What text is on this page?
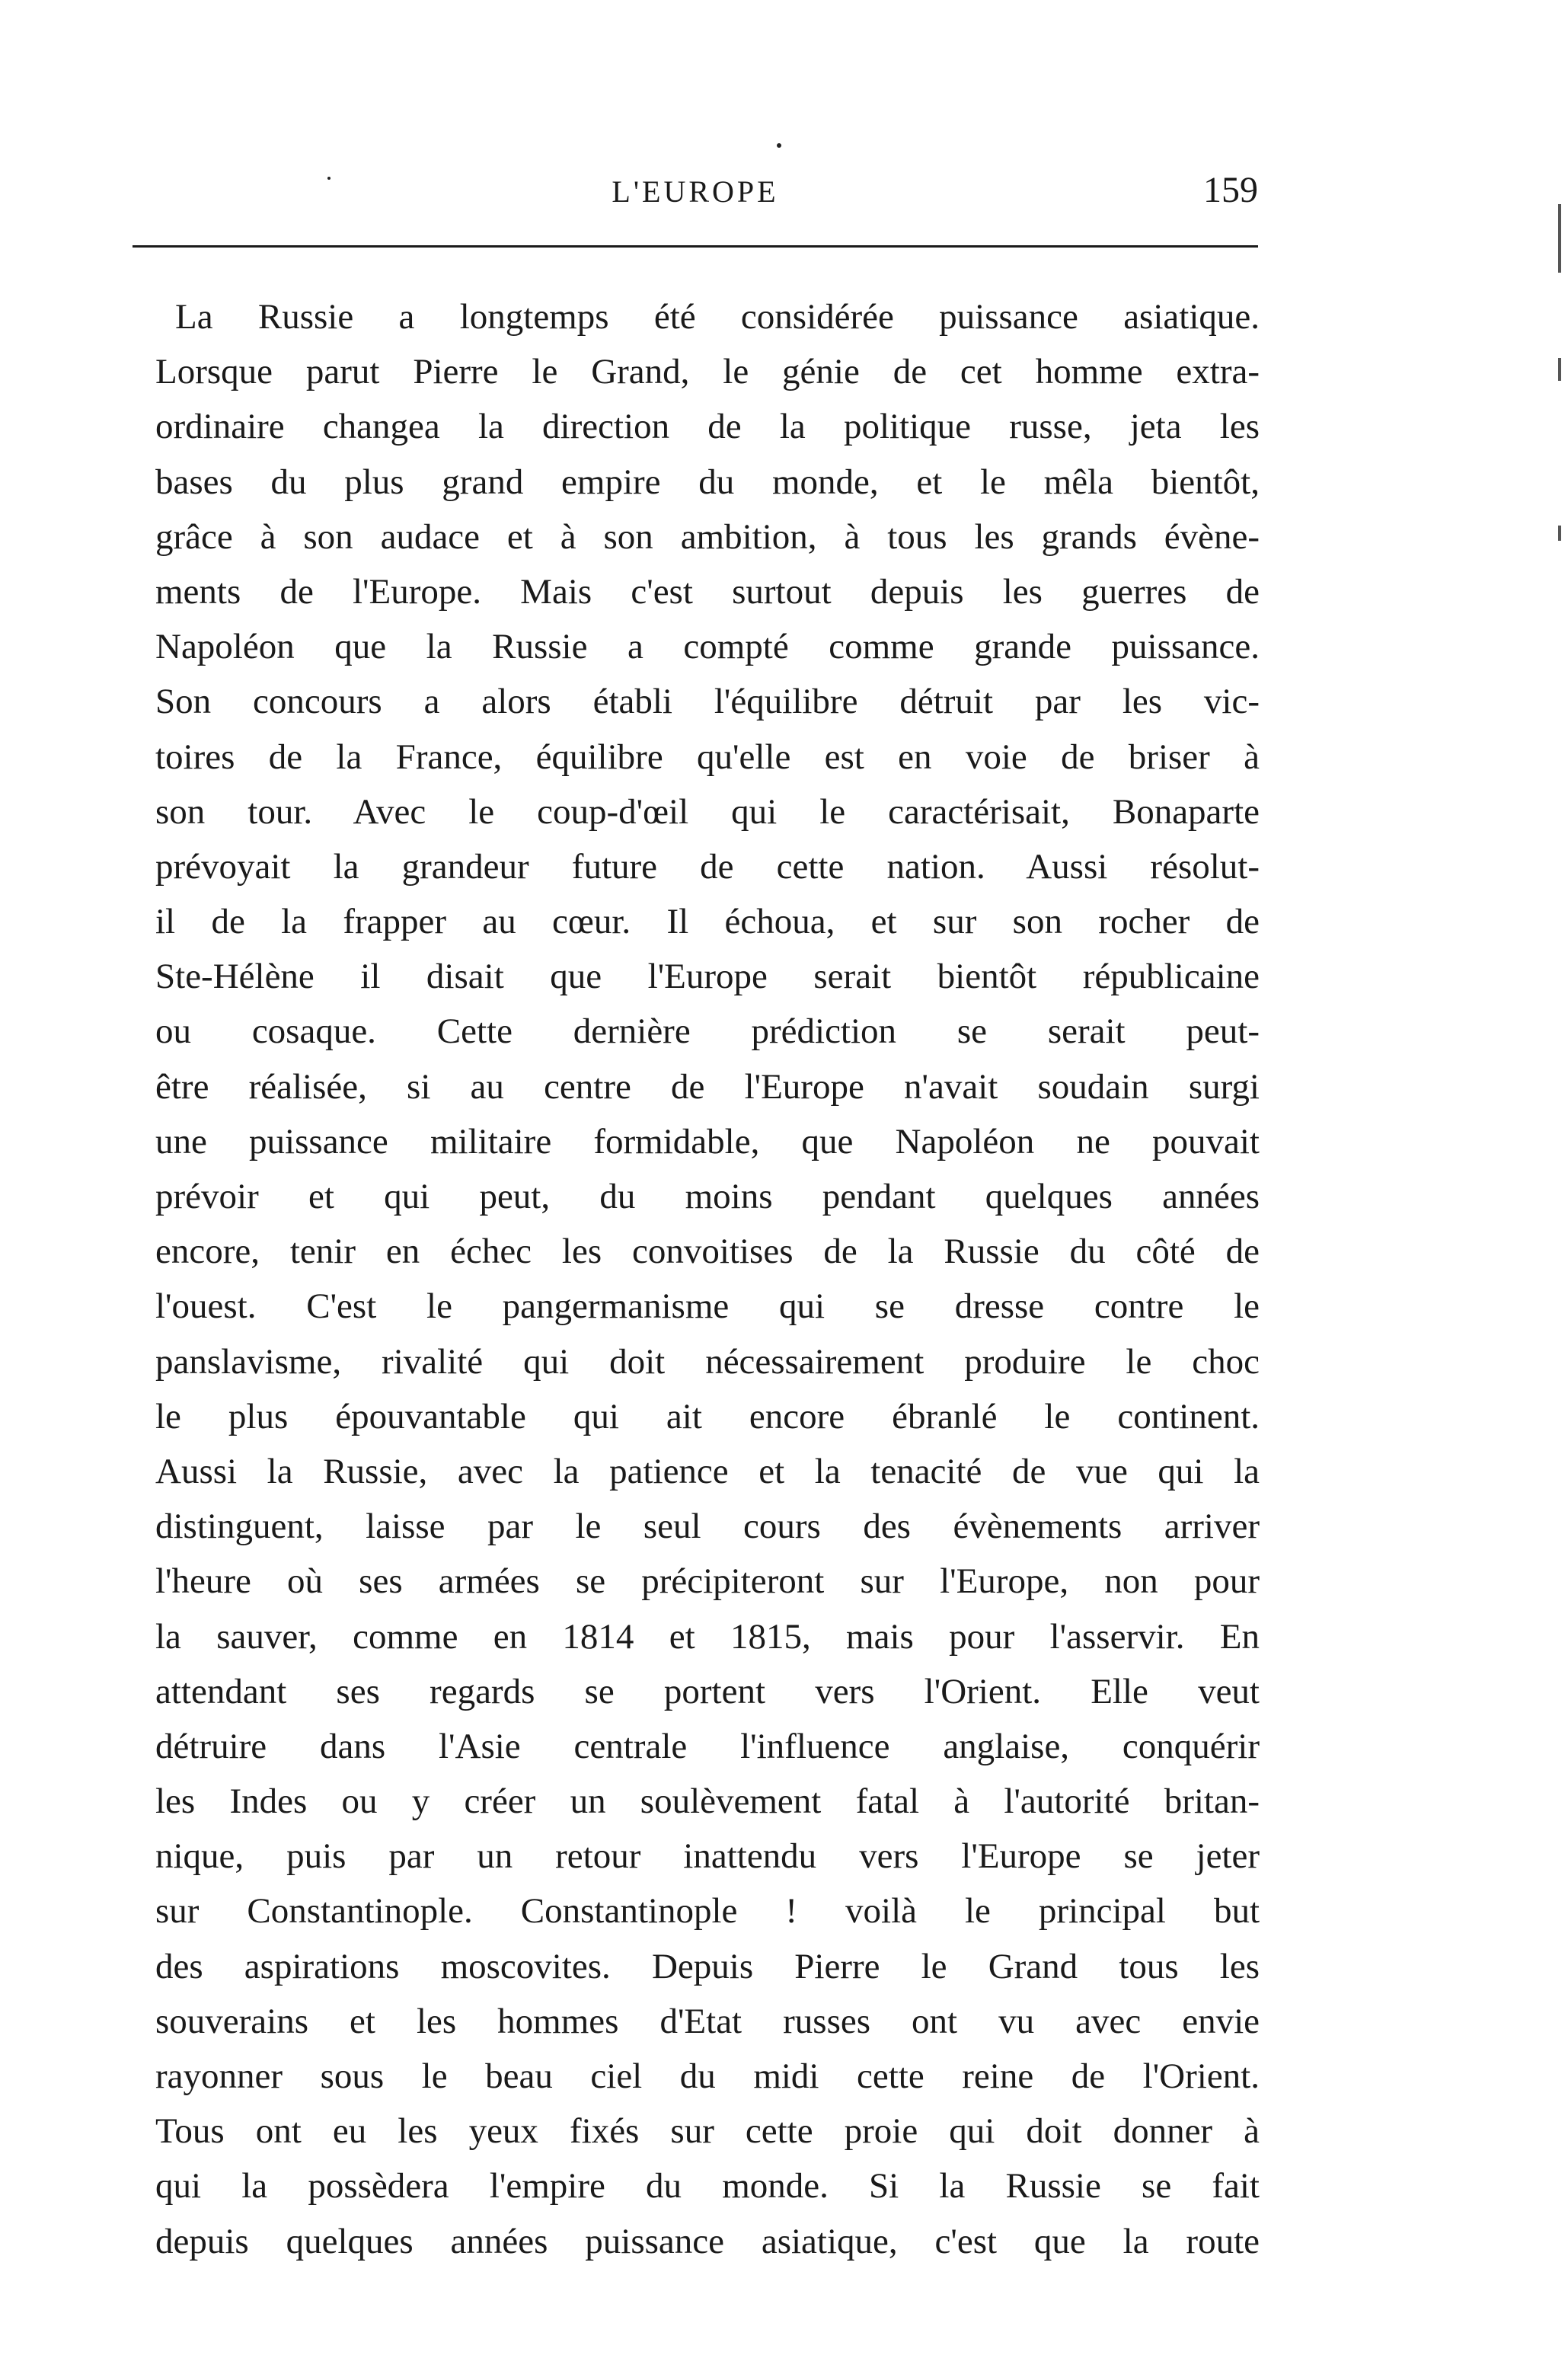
L'EUROPE	159
La Russie a longtemps été considérée puissance asiatique.
Lorsque parut Pierre le Grand, le génie de cet homme extra-
ordinaire changea la direction de la politique russe, jeta les
bases du plus grand empire du monde, et le mêla bientôt,
grâce à son audace et à son ambition, à tous les grands évène-
ments de l'Europe. Mais c'est surtout depuis les guerres de
Napoléon que la Russie a compté comme grande puissance.
Son concours a alors établi l'équilibre détruit par les vic-
toires de la France, équilibre qu'elle est en voie de briser à
son tour. Avec le coup-d'œil qui le caractérisait, Bonaparte
prévoyait la grandeur future de cette nation. Aussi résolut-
il de la frapper au cœur. Il échoua, et sur son rocher de
Ste-Hélène il disait que l'Europe serait bientôt républicaine
ou cosaque. Cette dernière prédiction se serait peut-
être réalisée, si au centre de l'Europe n'avait soudain surgi
une puissance militaire formidable, que Napoléon ne pouvait
prévoir et qui peut, du moins pendant quelques années
encore, tenir en échec les convoitises de la Russie du côté de
l'ouest. C'est le pangermanisme qui se dresse contre le
panslavisme, rivalité qui doit nécessairement produire le choc
le plus épouvantable qui ait encore ébranlé le continent.
Aussi la Russie, avec la patience et la tenacité de vue qui la
distinguent, laisse par le seul cours des évènements arriver
l'heure où ses armées se précipiteront sur l'Europe, non pour
la sauver, comme en 1814 et 1815, mais pour l'asservir. En
attendant ses regards se portent vers l'Orient. Elle veut
détruire dans l'Asie centrale l'influence anglaise, conquérir
les Indes ou y créer un soulèvement fatal à l'autorité britan-
nique, puis par un retour inattendu vers l'Europe se jeter
sur Constantinople. Constantinople ! voilà le principal but
des aspirations moscovites. Depuis Pierre le Grand tous les
souverains et les hommes d'Etat russes ont vu avec envie
rayonner sous le beau ciel du midi cette reine de l'Orient.
Tous ont eu les yeux fixés sur cette proie qui doit donner à
qui la possèdera l'empire du monde. Si la Russie se fait
depuis quelques années puissance asiatique, c'est que la route
